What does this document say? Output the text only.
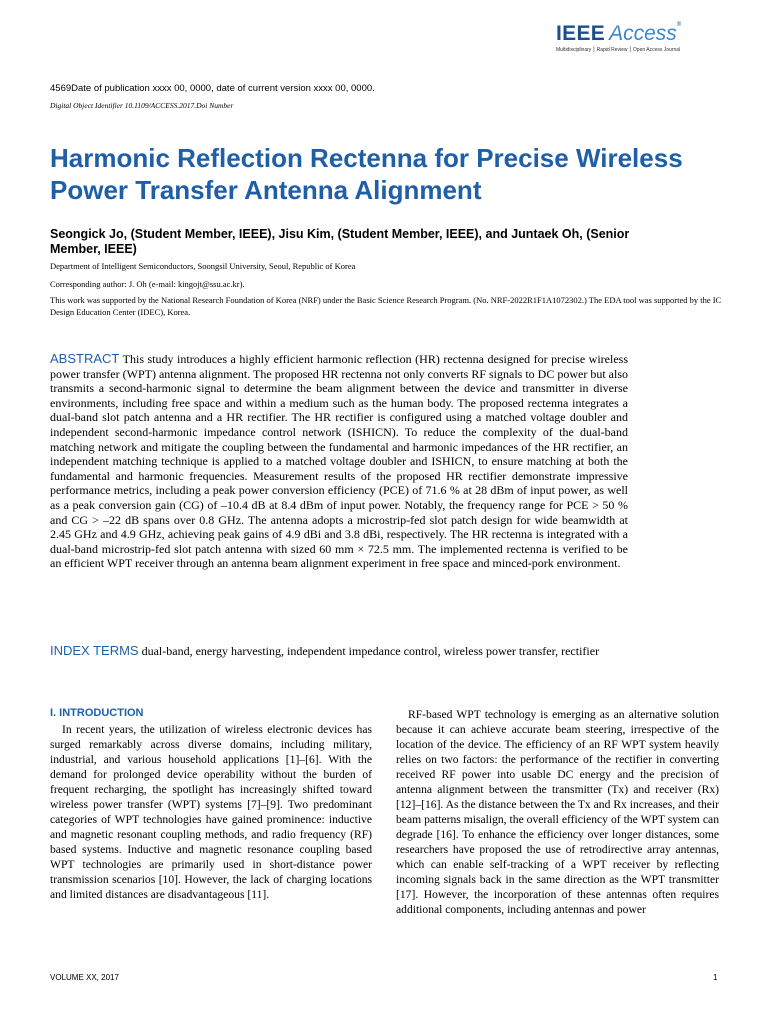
IEEE Access®
Multidisciplinary ⎮ Rapid Review ⎮ Open Access Journal
4569Date of publication xxxx 00, 0000, date of current version xxxx 00, 0000.
Digital Object Identifier 10.1109/ACCESS.2017.Doi Number
Harmonic Reflection Rectenna for Precise Wireless Power Transfer Antenna Alignment
Seongick Jo, (Student Member, IEEE), Jisu Kim, (Student Member, IEEE), and Juntaek Oh, (Senior Member, IEEE)
Department of Intelligent Semiconductors, Soongsil University, Seoul, Republic of Korea
Corresponding author: J. Oh (e-mail: kingojt@ssu.ac.kr).
This work was supported by the National Research Foundation of Korea (NRF) under the Basic Science Research Program. (No. NRF-2022R1F1A1072302.) The EDA tool was supported by the IC Design Education Center (IDEC), Korea.
ABSTRACT This study introduces a highly efficient harmonic reflection (HR) rectenna designed for precise wireless power transfer (WPT) antenna alignment. The proposed HR rectenna not only converts RF signals to DC power but also transmits a second-harmonic signal to determine the beam alignment between the device and transmitter in diverse environments, including free space and within a medium such as the human body. The proposed rectenna integrates a dual-band slot patch antenna and a HR rectifier. The HR rectifier is configured using a matched voltage doubler and independent second-harmonic impedance control network (ISHICN). To reduce the complexity of the dual-band matching network and mitigate the coupling between the fundamental and harmonic impedances of the HR rectifier, an independent matching technique is applied to a matched voltage doubler and ISHICN, to ensure matching at both the fundamental and harmonic frequencies. Measurement results of the proposed HR rectifier demonstrate impressive performance metrics, including a peak power conversion efficiency (PCE) of 71.6 % at 28 dBm of input power, as well as a peak conversion gain (CG) of –10.4 dB at 8.4 dBm of input power. Notably, the frequency range for PCE > 50 % and CG > –22 dB spans over 0.8 GHz. The antenna adopts a microstrip-fed slot patch design for wide beamwidth at 2.45 GHz and 4.9 GHz, achieving peak gains of 4.9 dBi and 3.8 dBi, respectively. The HR rectenna is integrated with a dual-band microstrip-fed slot patch antenna with sized 60 mm × 72.5 mm. The implemented rectenna is verified to be an efficient WPT receiver through an antenna beam alignment experiment in free space and minced-pork environment.
INDEX TERMS dual-band, energy harvesting, independent impedance control, wireless power transfer, rectifier
I. INTRODUCTION
In recent years, the utilization of wireless electronic devices has surged remarkably across diverse domains, including military, industrial, and various household applications [1]–[6]. With the demand for prolonged device operability without the burden of frequent recharging, the spotlight has increasingly shifted toward wireless power transfer (WPT) systems [7]–[9]. Two predominant categories of WPT technologies have gained prominence: inductive and magnetic resonant coupling methods, and radio frequency (RF) based systems. Inductive and magnetic resonance coupling based WPT technologies are primarily used in short-distance power transmission scenarios [10]. However, the lack of charging locations and limited distances are disadvantageous [11].
RF-based WPT technology is emerging as an alternative solution because it can achieve accurate beam steering, irrespective of the location of the device. The efficiency of an RF WPT system heavily relies on two factors: the performance of the rectifier in converting received RF power into usable DC energy and the precision of antenna alignment between the transmitter (Tx) and receiver (Rx) [12]–[16]. As the distance between the Tx and Rx increases, and their beam patterns misalign, the overall efficiency of the WPT system can degrade [16]. To enhance the efficiency over longer distances, some researchers have proposed the use of retrodirective array antennas, which can enable self-tracking of a WPT receiver by reflecting incoming signals back in the same direction as the WPT transmitter [17]. However, the incorporation of these antennas often requires additional components, including antennas and power
VOLUME XX, 2017	1
